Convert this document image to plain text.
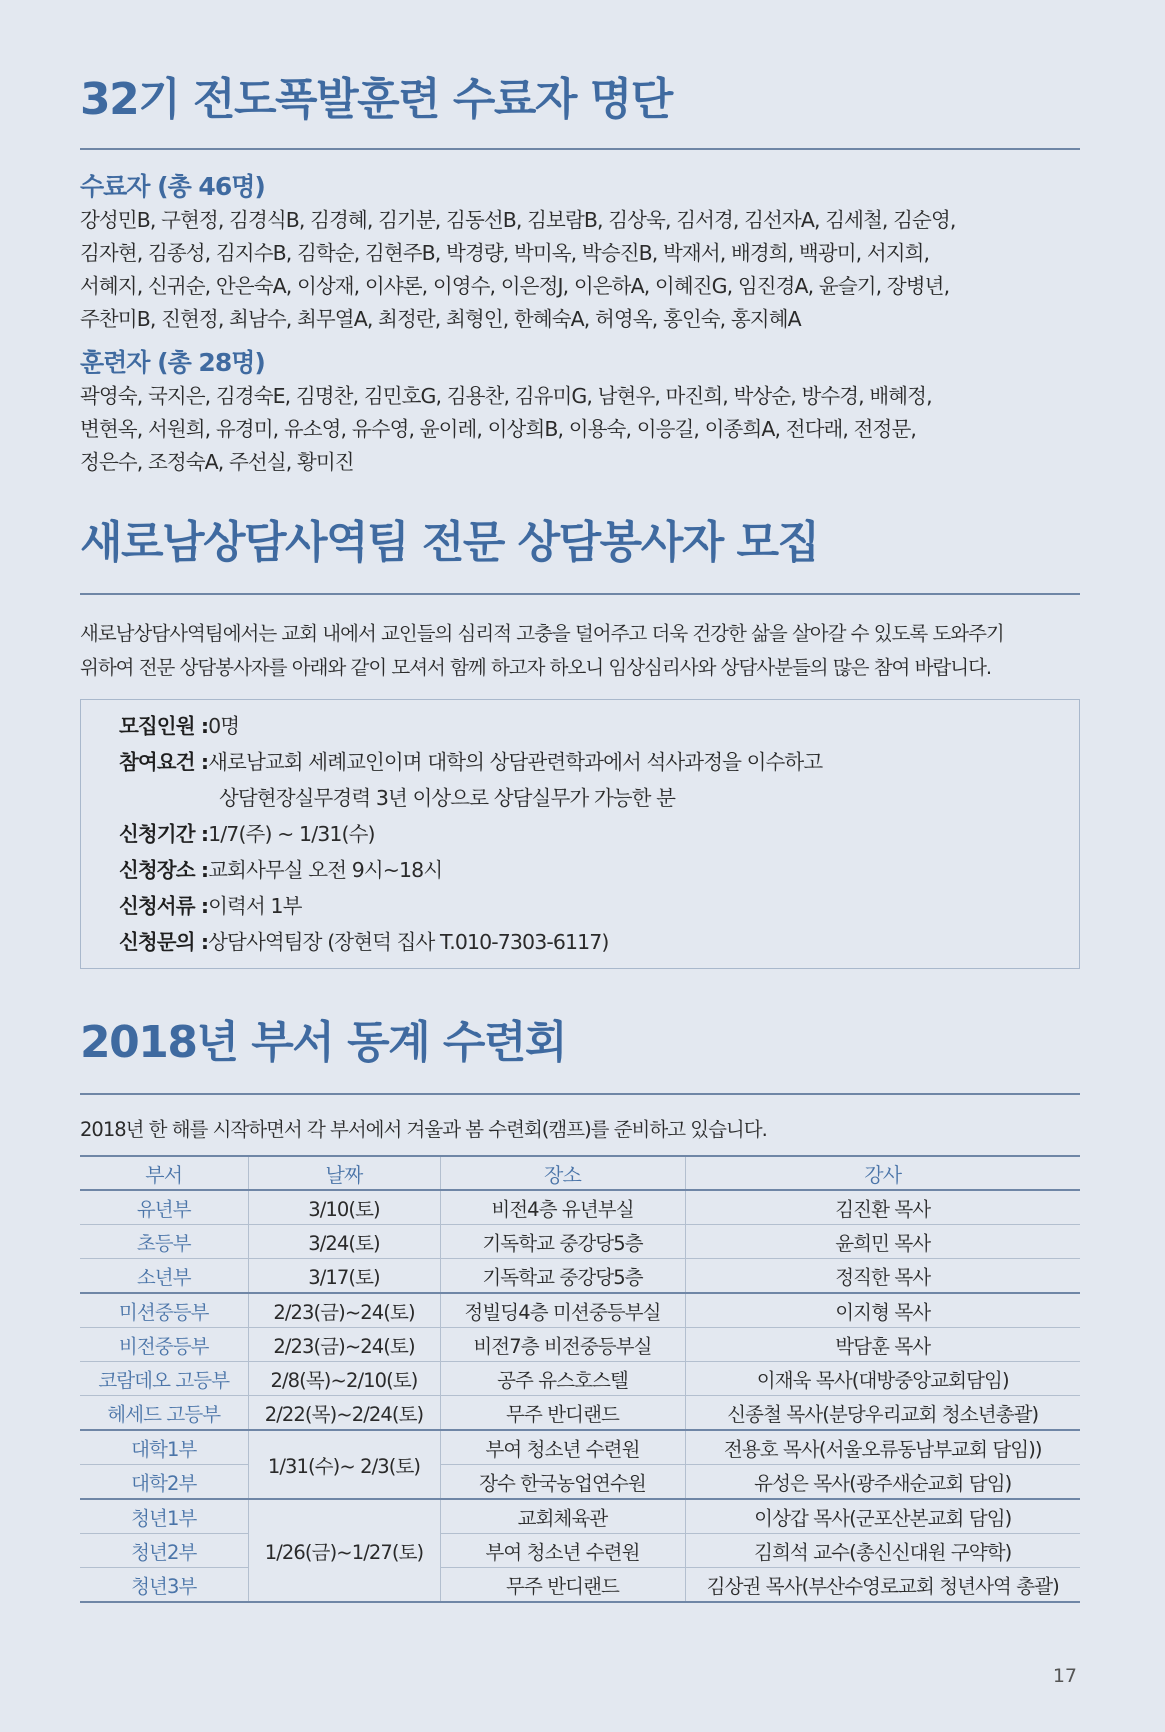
32기 전도폭발훈련 수료자 명단
수료자 (총 46명)
강성민B, 구현정, 김경식B, 김경혜, 김기분, 김동선B, 김보람B, 김상욱, 김서경, 김선자A, 김세철, 김순영,
김자현, 김종성, 김지수B, 김학순, 김현주B, 박경량, 박미옥, 박승진B, 박재서, 배경희, 백광미, 서지희,
서혜지, 신귀순, 안은숙A, 이상재, 이샤론, 이영수, 이은정J, 이은하A, 이혜진G, 임진경A, 윤슬기, 장병년,
주찬미B, 진현정, 최남수, 최무열A, 최정란, 최형인, 한혜숙A, 허영옥, 홍인숙, 홍지혜A
훈련자 (총 28명)
곽영숙, 국지은, 김경숙E, 김명찬, 김민호G, 김용찬, 김유미G, 남현우, 마진희, 박상순, 방수경, 배혜정,
변현옥, 서원희, 유경미, 유소영, 유수영, 윤이레, 이상희B, 이용숙, 이응길, 이종희A, 전다래, 전정문,
정은수, 조정숙A, 주선실, 황미진
새로남상담사역팀 전문 상담봉사자 모집
새로남상담사역팀에서는 교회 내에서 교인들의 심리적 고충을 덜어주고 더욱 건강한 삶을 살아갈 수 있도록 도와주기
위하여 전문 상담봉사자를 아래와 같이 모셔서 함께 하고자 하오니 임상심리사와 상담사분들의 많은 참여 바랍니다.
모집인원 : 0명
참여요건 : 새로남교회 세례교인이며 대학의 상담관련학과에서 석사과정을 이수하고
상담현장실무경력 3년 이상으로 상담실무가 가능한 분
신청기간 : 1/7(주) ~ 1/31(수)
신청장소 : 교회사무실 오전 9시~18시
신청서류 : 이력서 1부
신청문의 : 상담사역팀장 (장현덕 집사 T.010-7303-6117)
2018년 부서 동계 수련회
2018년 한 해를 시작하면서 각 부서에서 겨울과 봄 수련회(캠프)를 준비하고 있습니다.
부서	날짜	장소	강사
유년부	3/10(토)	비전4층 유년부실	김진환 목사
초등부	3/24(토)	기독학교 중강당5층	윤희민 목사
소년부	3/17(토)	기독학교 중강당5층	정직한 목사
미션중등부	2/23(금)~24(토)	정빌딩4층 미션중등부실	이지형 목사
비전중등부	2/23(금)~24(토)	비전7층 비전중등부실	박담훈 목사
코람데오 고등부	2/8(목)~2/10(토)	공주 유스호스텔	이재욱 목사(대방중앙교회담임)
헤세드 고등부	2/22(목)~2/24(토)	무주 반디랜드	신종철 목사(분당우리교회 청소년총괄)
대학1부	1/31(수)~ 2/3(토)	부여 청소년 수련원	전용호 목사(서울오류동남부교회 담임))
대학2부		장수 한국농업연수원	유성은 목사(광주새순교회 담임)
청년1부	1/26(금)~1/27(토)	교회체육관	이상갑 목사(군포산본교회 담임)
청년2부		부여 청소년 수련원	김희석 교수(총신신대원 구약학)
청년3부		무주 반디랜드	김상권 목사(부산수영로교회 청년사역 총괄)
17
